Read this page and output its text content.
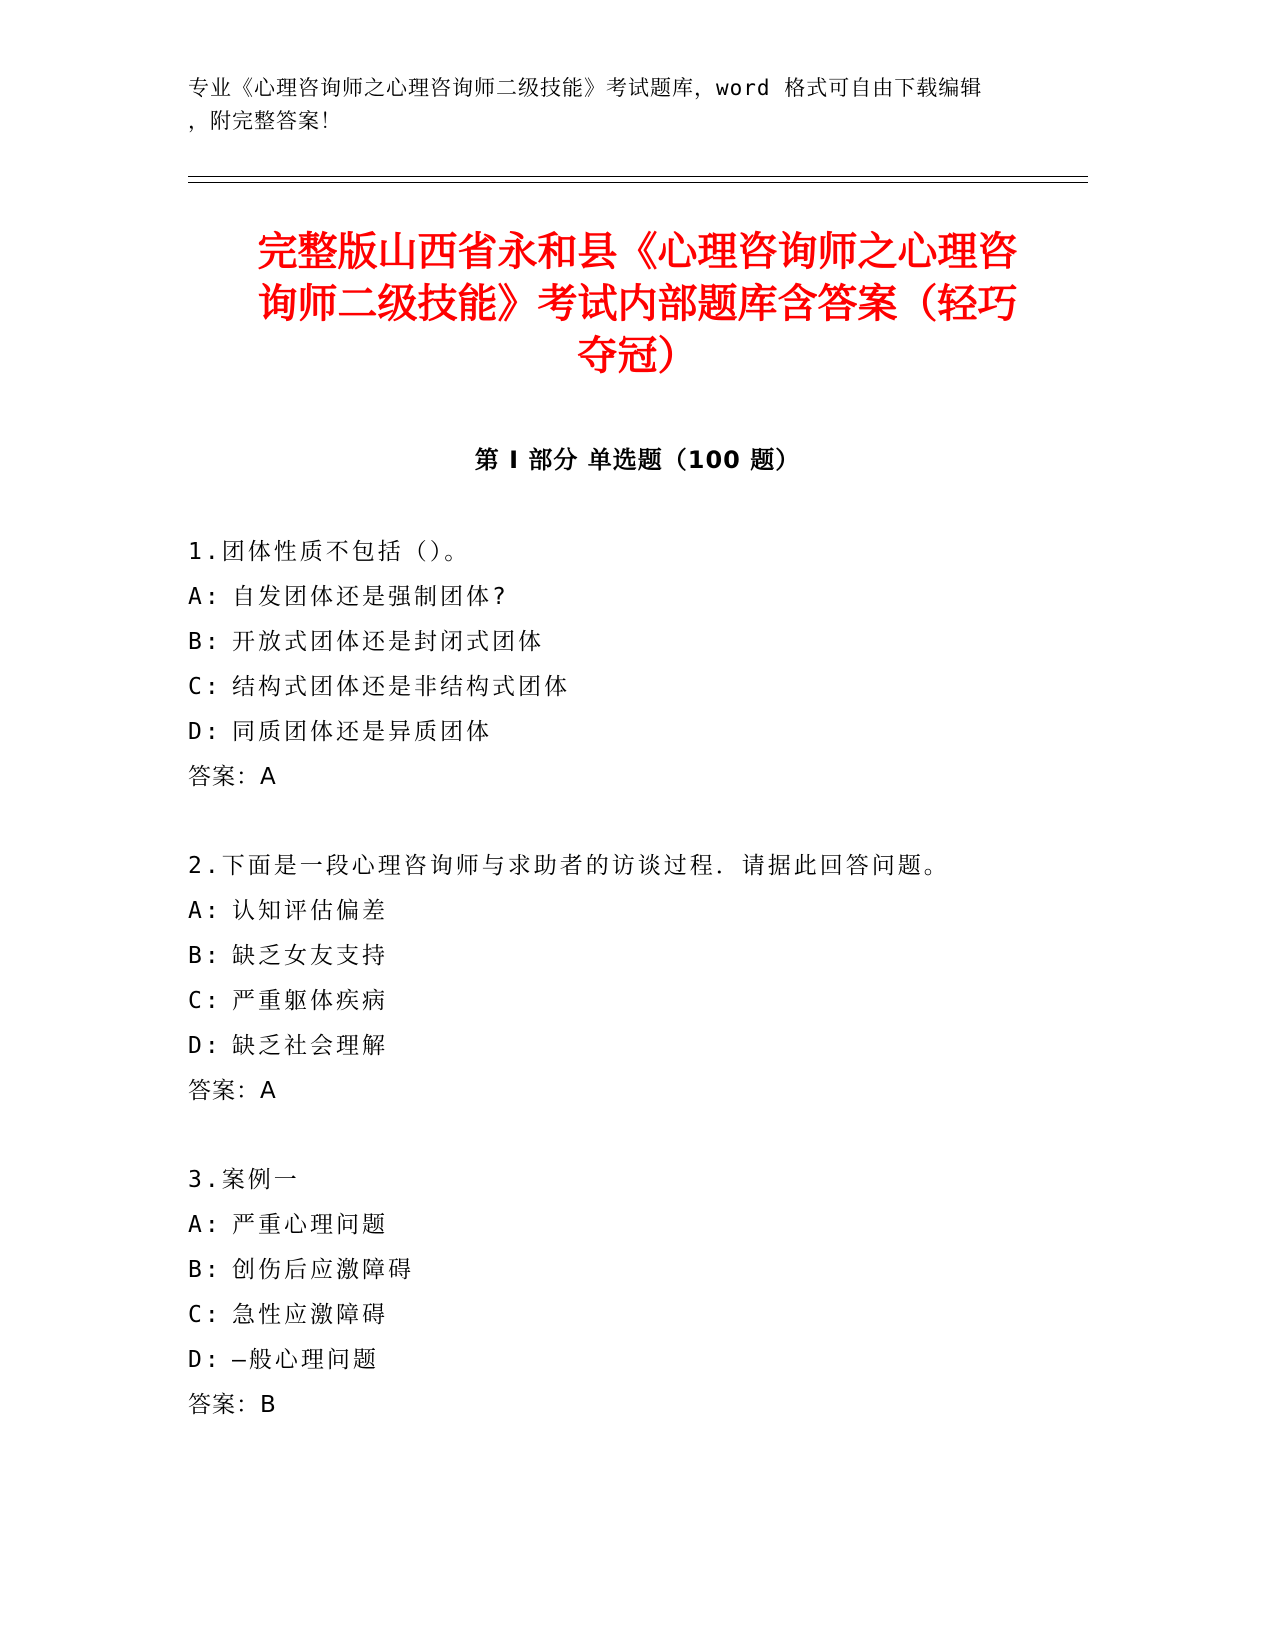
专业《心理咨询师之心理咨询师二级技能》考试题库，word 格式可自由下载编辑
，附完整答案！
完整版山西省永和县《心理咨询师之心理咨
询师二级技能》考试内部题库含答案（轻巧
夺冠）
第 I 部分 单选题（100 题）
1.团体性质不包括（）。
A: 自发团体还是强制团体?
B: 开放式团体还是封闭式团体
C: 结构式团体还是非结构式团体
D: 同质团体还是异质团体
答案：A
2.下面是一段心理咨询师与求助者的访谈过程．请据此回答问题。
A: 认知评估偏差
B: 缺乏女友支持
C: 严重躯体疾病
D: 缺乏社会理解
答案：A
3.案例一
A: 严重心理问题
B: 创伤后应激障碍
C: 急性应激障碍
D: —般心理问题
答案：B
